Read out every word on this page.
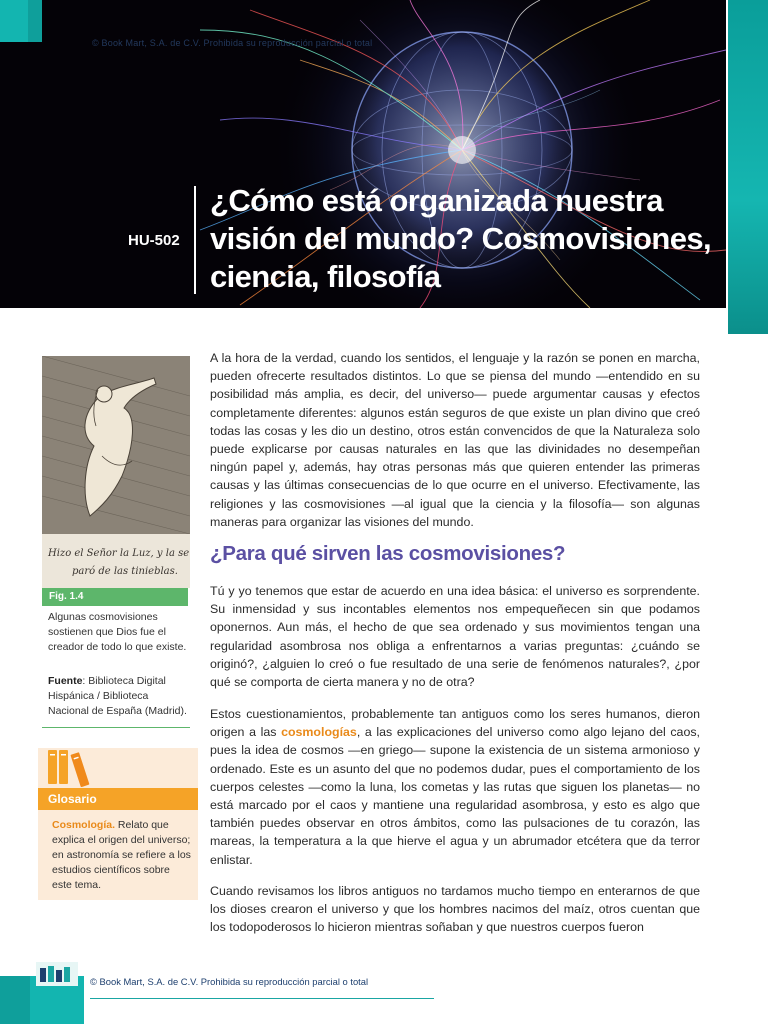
© Book Mart, S.A. de C.V. Prohibida su reproducción parcial o total
HU-502
¿Cómo está organizada nuestra visión del mundo? Cosmovisiones, ciencia, filosofía
Hizo el Señor la Luz, y la se
paró de las tinieblas.
Fig. 1.4

Algunas cosmovisiones sostienen que Dios fue el creador de todo lo que existe.

Fuente: Biblioteca Digital Hispánica / Biblioteca Nacional de España (Madrid).

Glosario

Cosmología. Relato que explica el origen del universo; en astronomía se refiere a los estudios científicos sobre este tema.

A la hora de la verdad, cuando los sentidos, el lenguaje y la razón se ponen en marcha, pueden ofrecerte resultados distintos. Lo que se piensa del mundo —entendido en su posibilidad más amplia, es decir, del universo— puede argumentar causas y efectos completamente diferentes: algunos están seguros de que existe un plan divino que creó todas las cosas y les dio un destino, otros están convencidos de que la Naturaleza solo puede explicarse por causas naturales en las que las divinidades no desempeñan ningún papel y, además, hay otras personas más que quieren entender las primeras causas y las últimas consecuencias de lo que ocurre en el universo. Efectivamente, las religiones y las cosmovisiones —al igual que la ciencia y la filosofía— son algunas maneras para organizar las visiones del mundo.

¿Para qué sirven las cosmovisiones?

Tú y yo tenemos que estar de acuerdo en una idea básica: el universo es sorprendente. Su inmensidad y sus incontables elementos nos empequeñecen sin que podamos oponernos. Aun más, el hecho de que sea ordenado y sus movimientos tengan una regularidad asombrosa nos obliga a enfrentarnos a varias preguntas: ¿cuándo se originó?, ¿alguien lo creó o fue resultado de una serie de fenómenos naturales?, ¿por qué se comporta de cierta manera y no de otra?

Estos cuestionamientos, probablemente tan antiguos como los seres humanos, dieron origen a las cosmologías, a las explicaciones del universo como algo lejano del caos, pues la idea de cosmos —en griego— supone la existencia de un sistema armonioso y ordenado. Este es un asunto del que no podemos dudar, pues el comportamiento de los cuerpos celestes —como la luna, los cometas y las rutas que siguen los planetas— no está marcado por el caos y mantiene una regularidad asombrosa, y esto es algo que también puedes observar en otros ámbitos, como las pulsaciones de tu corazón, las mareas, la temperatura a la que hierve el agua y un abrumador etcétera que da terror enlistar.

Cuando revisamos los libros antiguos no tardamos mucho tiempo en enterarnos de que los dioses crearon el universo y que los hombres nacimos del maíz, otros cuentan que los todopoderosos lo hicieron mientras soñaban y que nuestros cuerpos fueron

© Book Mart, S.A. de C.V. Prohibida su reproducción parcial o total
